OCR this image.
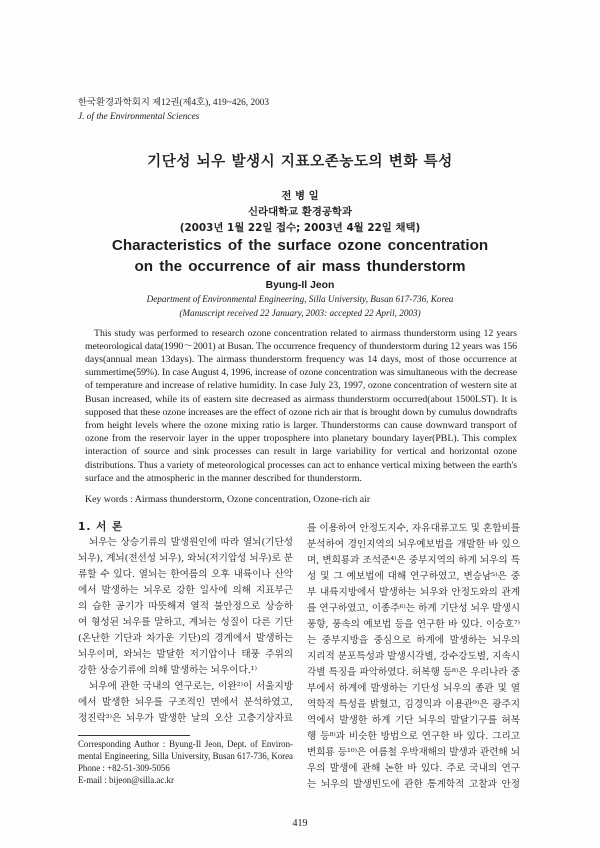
한국환경과학회지 제12권(제4호), 419~426, 2003
J. of the Environmental Sciences
기단성 뇌우 발생시 지표오존농도의 변화 특성
전 병 일
신라대학교 환경공학과
(2003년 1월 22일 접수; 2003년 4월 22일 채택)
Characteristics of the surface ozone concentration
on the occurrence of air mass thunderstorm
Byung-Il Jeon
Department of Environmental Engineering, Silla University, Busan 617-736, Korea
(Manuscript received 22 January, 2003: accepted 22 April, 2003)
This study was performed to research ozone concentration related to airmass thunderstorm using 12 years
meteorological data(1990～2001) at Busan. The occurrence frequency of thunderstorm during 12 years was 156
days(annual mean 13days). The airmass thunderstorm frequency was 14 days, most of those occurrence at
summertime(59%). In case August 4, 1996, increase of ozone concentration was simultaneous with the decrease
of temperature and increase of relative humidity. In case July 23, 1997, ozone concentration of western site at
Busan increased, while its of eastern site decreased as airmass thunderstorm occurred(about 1500LST). It is
supposed that these ozone increases are the effect of ozone rich air that is brought down by cumulus downdrafts
from height levels where the ozone mixing ratio is larger. Thunderstorms can cause downward transport of
ozone from the reservoir layer in the upper troposphere into planetary boundary layer(PBL). This complex
interaction of source and sink processes can result in large variability for vertical and horizontal ozone
distributions. Thus a variety of meteorological processes can act to enhance vertical mixing between the earth's
surface and the atmospheric in the manner described for thunderstorm.
Key words : Airmass thunderstorm, Ozone concentration, Ozone-rich air
1. 서 론
뇌우는 상승기류의 발생원인에 따라 열뇌(기단성
뇌우), 계뇌(전선성 뇌우), 와뇌(저기압성 뇌우)로 분
류할 수 있다. 열뇌는 한여름의 오후 내륙이나 산악
에서 발생하는 뇌우로 강한 일사에 의해 지표부근
의 습한 공기가 따뜻해져 열적 불안정으로 상승하
여 형성된 뇌우를 말하고, 계뇌는 성질이 다른 기단
(온난한 기단과 차가운 기단)의 경계에서 발생하는
뇌우이며, 와뇌는 발달한 저기압이나 태풍 주위의
강한 상승기류에 의해 발생하는 뇌우이다.¹⁾
뇌우에 관한 국내의 연구로는, 이완²⁾이 서울지방
에서 발생한 뇌우를 구조적인 면에서 분석하였고,
정진락³⁾은 뇌우가 발생한 날의 오산 고층기상자료
를 이용하여 안정도지수, 자유대류고도 및 혼합비를
분석하여 경인지역의 뇌우예보법을 개발한 바 있으
며, 변희룡과 조석준⁴⁾은 중부지역의 하계 뇌우의 특
성 및 그 예보법에 대해 연구하였고, 변승남⁵⁾은 중
부 내륙지방에서 발생하는 뇌우와 안정도와의 관계
를 연구하였고, 이종주⁶⁾는 하계 기단성 뇌우 발생시
풍향, 풍속의 예보법 등을 연구한 바 있다. 이승호⁷⁾
는 중부지방을 중심으로 하계에 발생하는 뇌우의
지리적 분포특성과 발생시각별, 강수강도별, 지속시
각별 특징을 파악하였다. 허복행 등⁸⁾은 우리나라 중
부에서 하계에 발생하는 기단성 뇌우의 종관 및 열
역학적 특성을 밝혔고, 김경익과 이용관⁹⁾은 광주지
역에서 발생한 하계 기단 뇌우의 발달기구를 허복
행 등⁸⁾과 비슷한 방법으로 연구한 바 있다. 그리고
변희룡 등¹⁰⁾은 여름철 우박재해의 발생과 관련해 뇌
우의 발생에 관해 논한 바 있다. 주로 국내의 연구
는 뇌우의 발생빈도에 관한 통계학적 고찰과 안정
Corresponding Author : Byung-Il Jeon, Dept. of Environ-
mental Engineering, Silla University, Busan 617-736, Korea
Phone : +82-51-309-5056
E-mail : bijeon@silla.ac.kr
419
